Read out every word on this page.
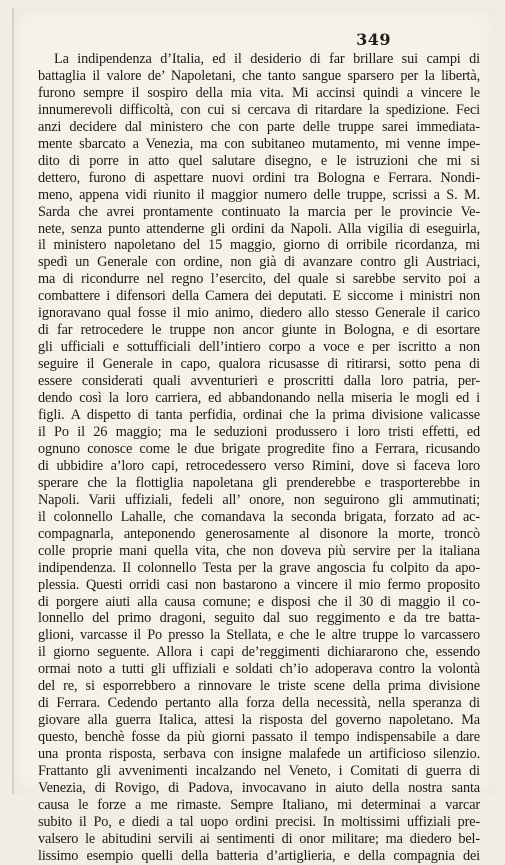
349
La indipendenza d’Italia, ed il desiderio di far brillare sui campi di
battaglia il valore de’ Napoletani, che tanto sangue sparsero per la libertà,
furono sempre il sospiro della mia vita. Mi accinsi quindi a vincere le
innumerevoli difficoltà, con cui si cercava di ritardare la spedizione. Feci
anzi decidere dal ministero che con parte delle truppe sarei immediata-
mente sbarcato a Venezia, ma con subitaneo mutamento, mi venne impe-
dito di porre in atto quel salutare disegno, e le istruzioni che mi si
dettero, furono di aspettare nuovi ordini tra Bologna e Ferrara. Nondi-
meno, appena vidi riunito il maggior numero delle truppe, scrissi a S. M.
Sarda che avrei prontamente continuato la marcia per le provincie Ve-
nete, senza punto attenderne gli ordini da Napoli. Alla vigilia di eseguirla,
il ministero napoletano del 15 maggio, giorno di orribile ricordanza, mi
spedì un Generale con ordine, non già di avanzare contro gli Austriaci,
ma di ricondurre nel regno l’esercito, del quale si sarebbe servito poi a
combattere i difensori della Camera dei deputati. E siccome i ministri non
ignoravano qual fosse il mio animo, diedero allo stesso Generale il carico
di far retrocedere le truppe non ancor giunte in Bologna, e di esortare
gli ufficiali e sottufficiali dell’intiero corpo a voce e per iscritto a non
seguire il Generale in capo, qualora ricusasse di ritirarsi, sotto pena di
essere considerati quali avventurieri e proscritti dalla loro patria, per-
dendo così la loro carriera, ed abbandonando nella miseria le mogli ed i
figli. A dispetto di tanta perfidia, ordinai che la prima divisione valicasse
il Po il 26 maggio; ma le seduzioni produssero i loro tristi effetti, ed
ognuno conosce come le due brigate progredite fino a Ferrara, ricusando
di ubbidire a’loro capi, retrocedessero verso Rimini, dove si faceva loro
sperare che la flottiglia napoletana gli prenderebbe e trasporterebbe in
Napoli. Varii uffiziali, fedeli all’ onore, non seguirono gli ammutinati;
il colonnello Lahalle, che comandava la seconda brigata, forzato ad ac-
compagnarla, anteponendo generosamente al disonore la morte, troncò
colle proprie mani quella vita, che non doveva più servire per la italiana
indipendenza. Il colonnello Testa per la grave angoscia fu colpito da apo-
plessia. Questi orridi casi non bastarono a vincere il mio fermo proposito
di porgere aiuti alla causa comune; e disposi che il 30 di maggio il co-
lonnello del primo dragoni, seguito dal suo reggimento e da tre batta-
glioni, varcasse il Po presso la Stellata, e che le altre truppe lo varcassero
il giorno seguente. Allora i capi de’reggimenti dichiararono che, essendo
ormai noto a tutti gli uffiziali e soldati ch’io adoperava contro la volontà
del re, si esporrebbero a rinnovare le triste scene della prima divisione
di Ferrara. Cedendo pertanto alla forza della necessità, nella speranza di
giovare alla guerra Italica, attesi la risposta del governo napoletano. Ma
questo, benchè fosse da più giorni passato il tempo indispensabile a dare
una pronta risposta, serbava con insigne malafede un artificioso silenzio.
Frattanto gli avvenimenti incalzando nel Veneto, i Comitati di guerra di
Venezia, di Rovigo, di Padova, invocavano in aiuto della nostra santa
causa le forze a me rimaste. Sempre Italiano, mi determinai a varcar
subito il Po, e diedi a tal uopo ordini precisi. In moltissimi uffiziali pre-
valsero le abitudini servili ai sentimenti di onor militare; ma diedero bel-
lissimo esempio quelli della batteria d’artiglieria, e della compagnia dei
